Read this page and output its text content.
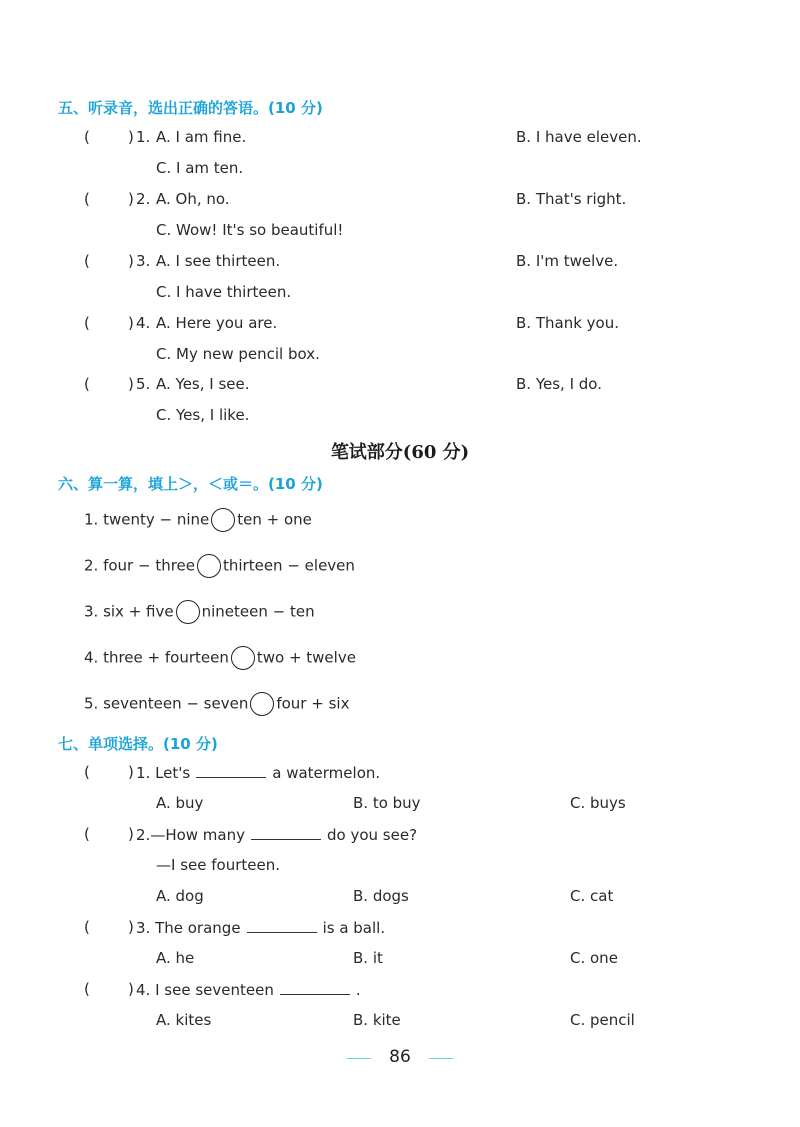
五、听录音，选出正确的答语。(10 分)
(	) 1. A. I am fine.	B. I have eleven.
C. I am ten.
(	) 2. A. Oh, no.	B. That's right.
C. Wow! It's so beautiful!
(	) 3. A. I see thirteen.	B. I'm twelve.
C. I have thirteen.
(	) 4. A. Here you are.	B. Thank you.
C. My new pencil box.
(	) 5. A. Yes, I see.	B. Yes, I do.
C. Yes, I like.
笔试部分(60 分)
六、算一算，填上＞，＜或＝。(10 分)
1. twenty − nine ten + one
2. four − three thirteen − eleven
3. six + five nineteen − ten
4. three + fourteen two + twelve
5. seventeen − seven four + six
七、单项选择。(10 分)
(	) 1. Let's	a watermelon.
A. buy	B. to buy	C. buys
(	) 2.—How many	do you see?
—I see fourteen.
A. dog	B. dogs	C. cat
(	) 3. The orange	is a ball.
A. he	B. it	C. one
(	) 4. I see seventeen	.
A. kites	B. kite	C. pencil
86
